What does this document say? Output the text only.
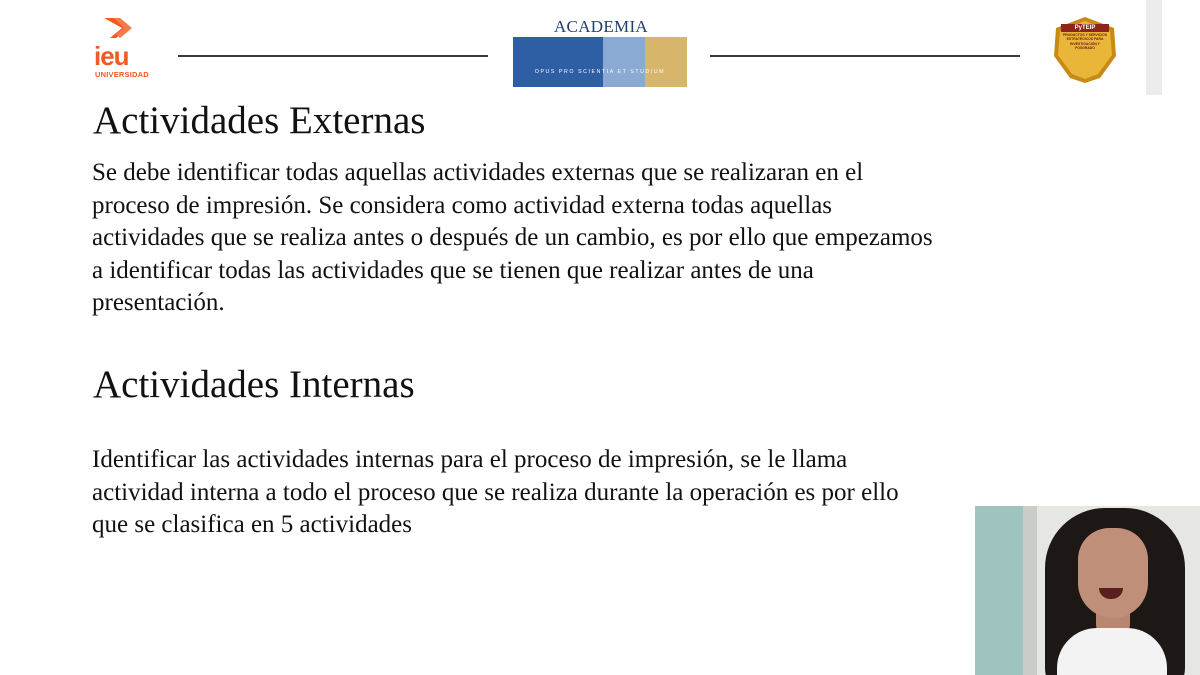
ieu
UNIVERSIDAD
ACADEMIA
OPUS PRO SCIENTIA ET STUDIUM
PyTEIP
PRODUCTOS Y SERVICIOS ESTRATÉGICOS PARA INVESTIGACIÓN Y POSGRADO
Actividades Externas

Se debe identificar todas aquellas actividades externas que se realizaran en el
proceso de impresión. Se considera como actividad externa todas aquellas
actividades que se realiza antes o después de un cambio, es por ello que empezamos
a identificar todas las actividades que se tienen que realizar antes de una
presentación.

Actividades Internas

Identificar las actividades internas para el proceso de impresión, se le llama
actividad interna a todo el proceso que se realiza durante la operación es por ello
que se clasifica en 5 actividades
